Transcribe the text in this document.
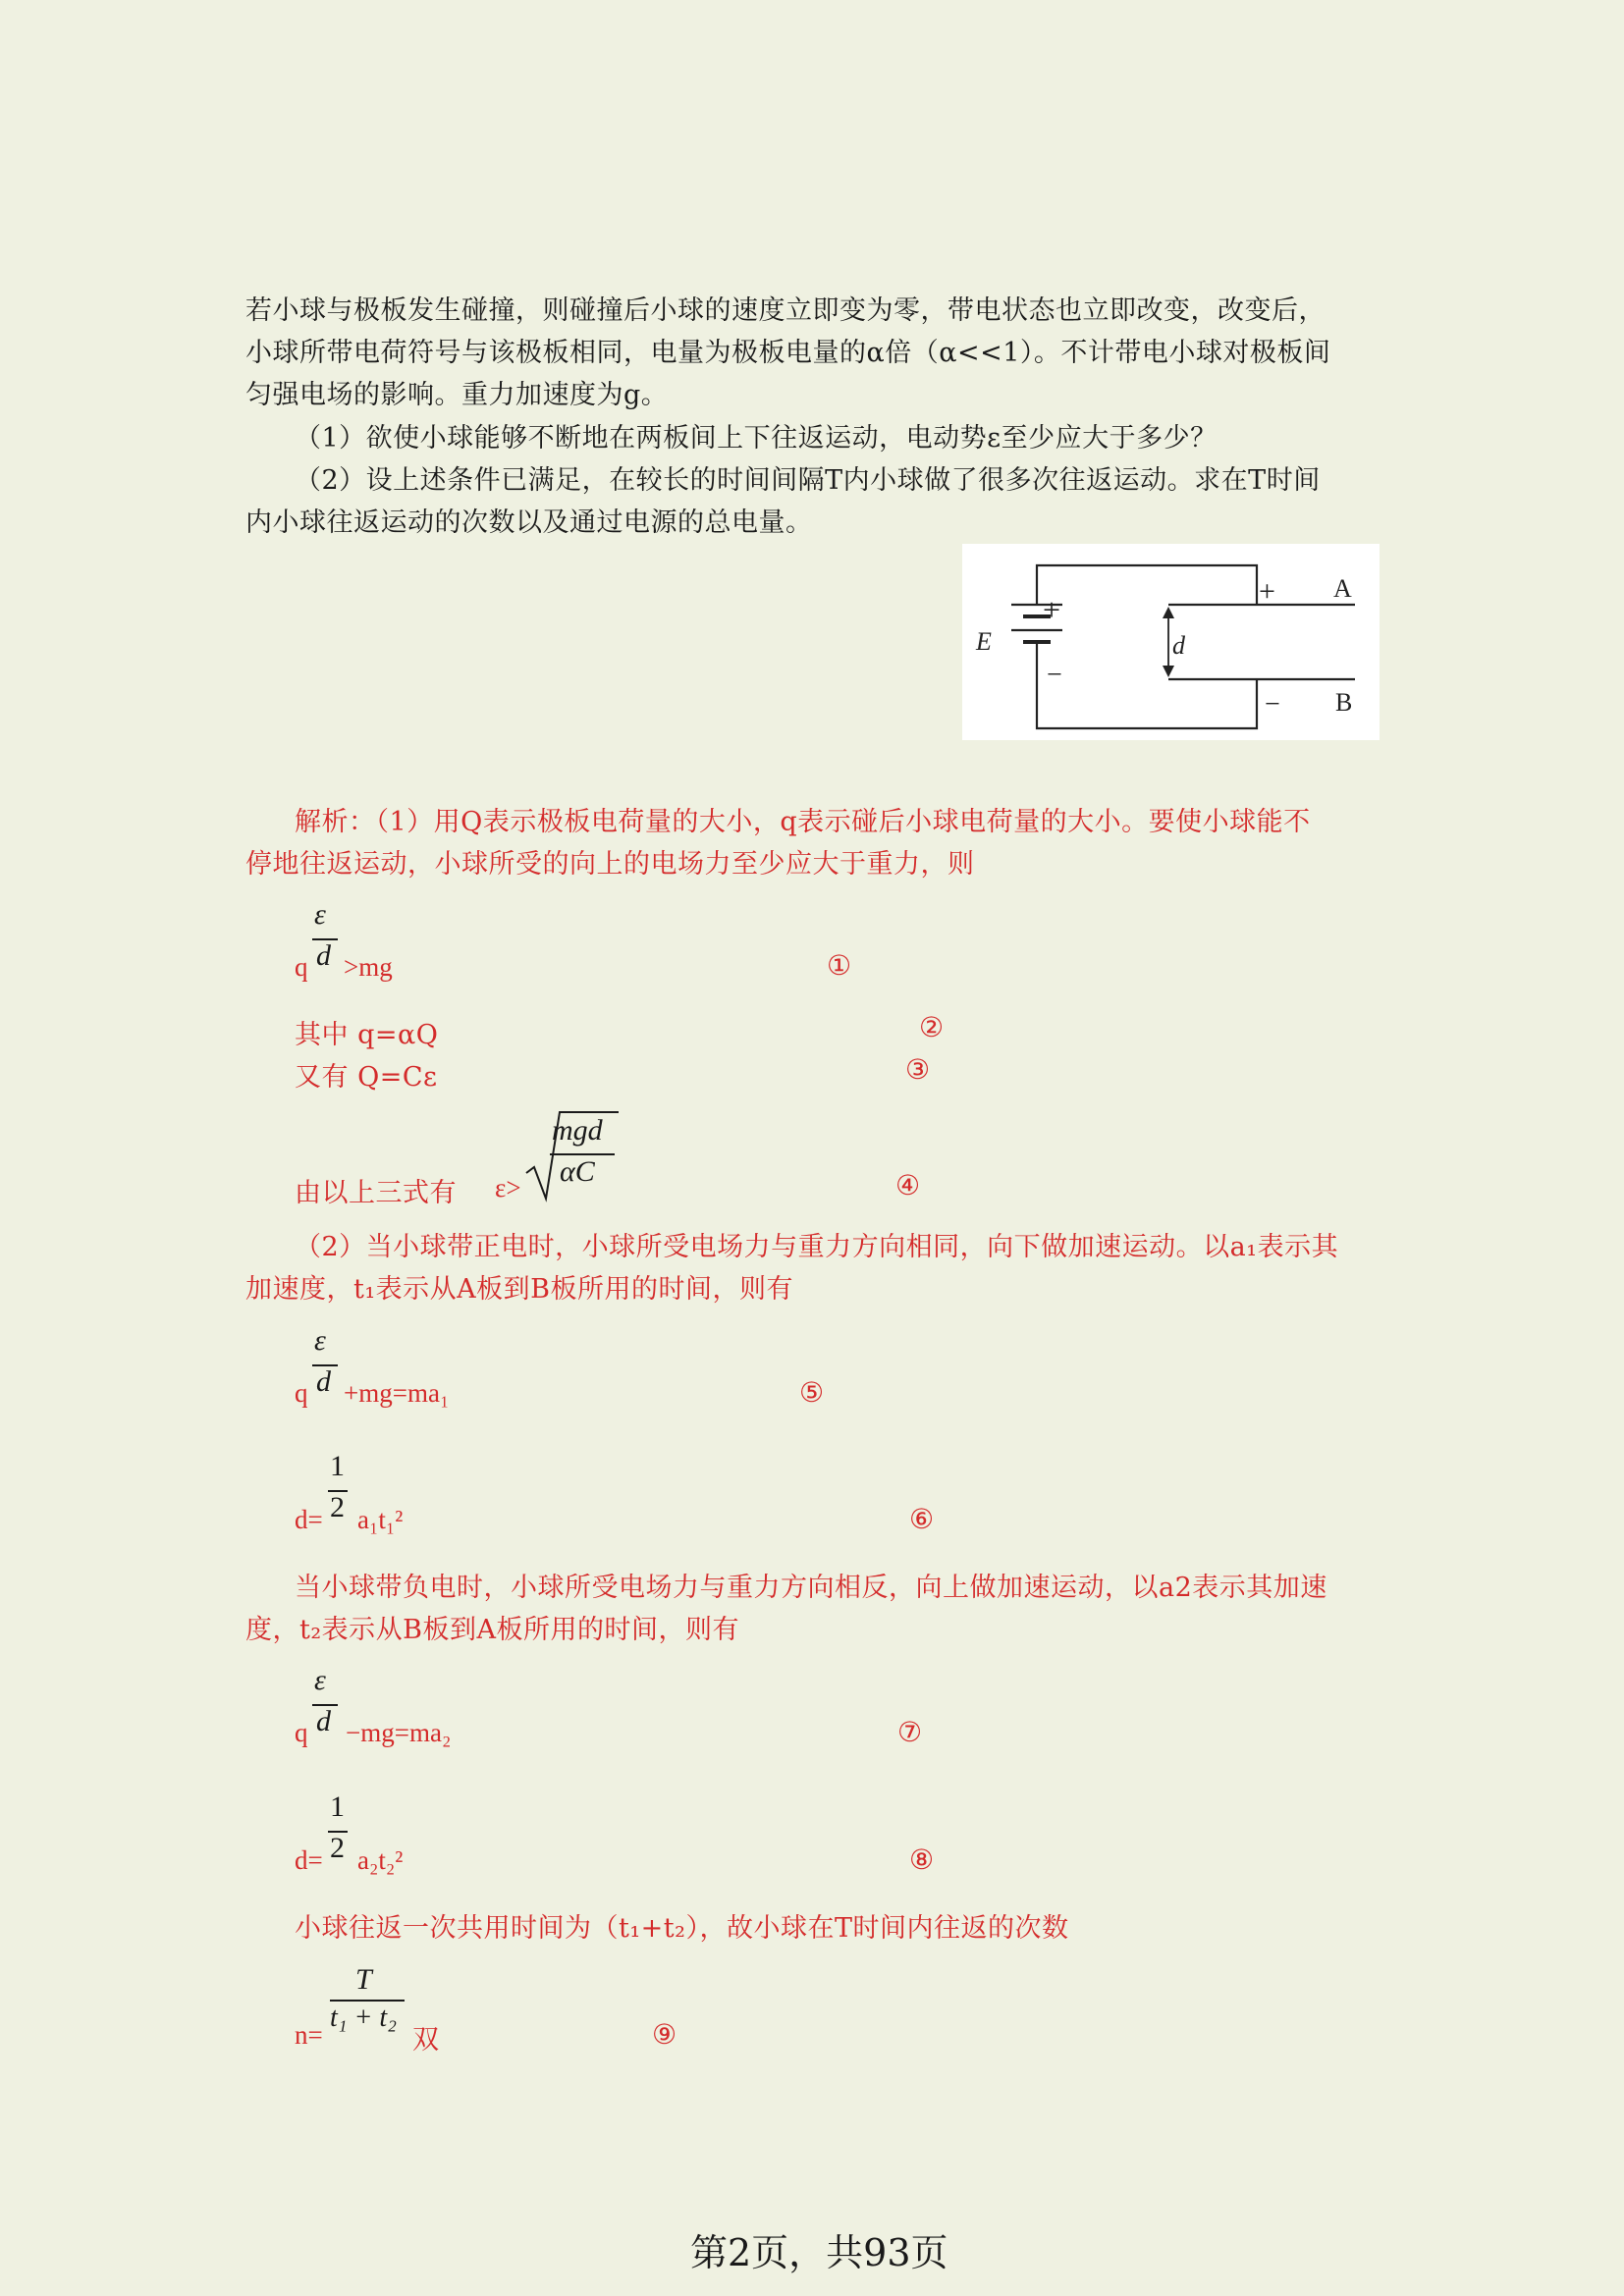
若小球与极板发生碰撞，则碰撞后小球的速度立即变为零，带电状态也立即改变，改变后，
小球所带电荷符号与该极板相同，电量为极板电量的α倍（α<<1）。不计带电小球对极板间
匀强电场的影响。重力加速度为g。
（1）欲使小球能够不断地在两板间上下往返运动，电动势ε至少应大于多少？
（2）设上述条件已满足，在较长的时间间隔T内小球做了很多次往返运动。求在T时间
内小球往返运动的次数以及通过电源的总电量。
E
+
−
d
+
−
A
B
解析：（1）用Q表示极板电荷量的大小，q表示碰后小球电荷量的大小。要使小球能不
停地往返运动，小球所受的向上的电场力至少应大于重力，则
ε
d
q >mg	①
其中 q=αQ	②
又有 Q=Cε	③
由以上三式有 ε>
mgd
αC	④
（2）当小球带正电时，小球所受电场力与重力方向相同，向下做加速运动。以a₁表示其
加速度，t₁表示从A板到B板所用的时间，则有
ε
d
q +mg=ma₁	⑤
1
2
d= a₁t₁²	⑥
当小球带负电时，小球所受电场力与重力方向相反，向上做加速运动，以a2表示其加速
度，t₂表示从B板到A板所用的时间，则有
ε
d
q −mg=ma₂	⑦
1
2
d= a₂t₂²	⑧
小球往返一次共用时间为（t₁+t₂），故小球在T时间内往返的次数
T
t₁ + t₂
n=	双	⑨
第2页，共93页
